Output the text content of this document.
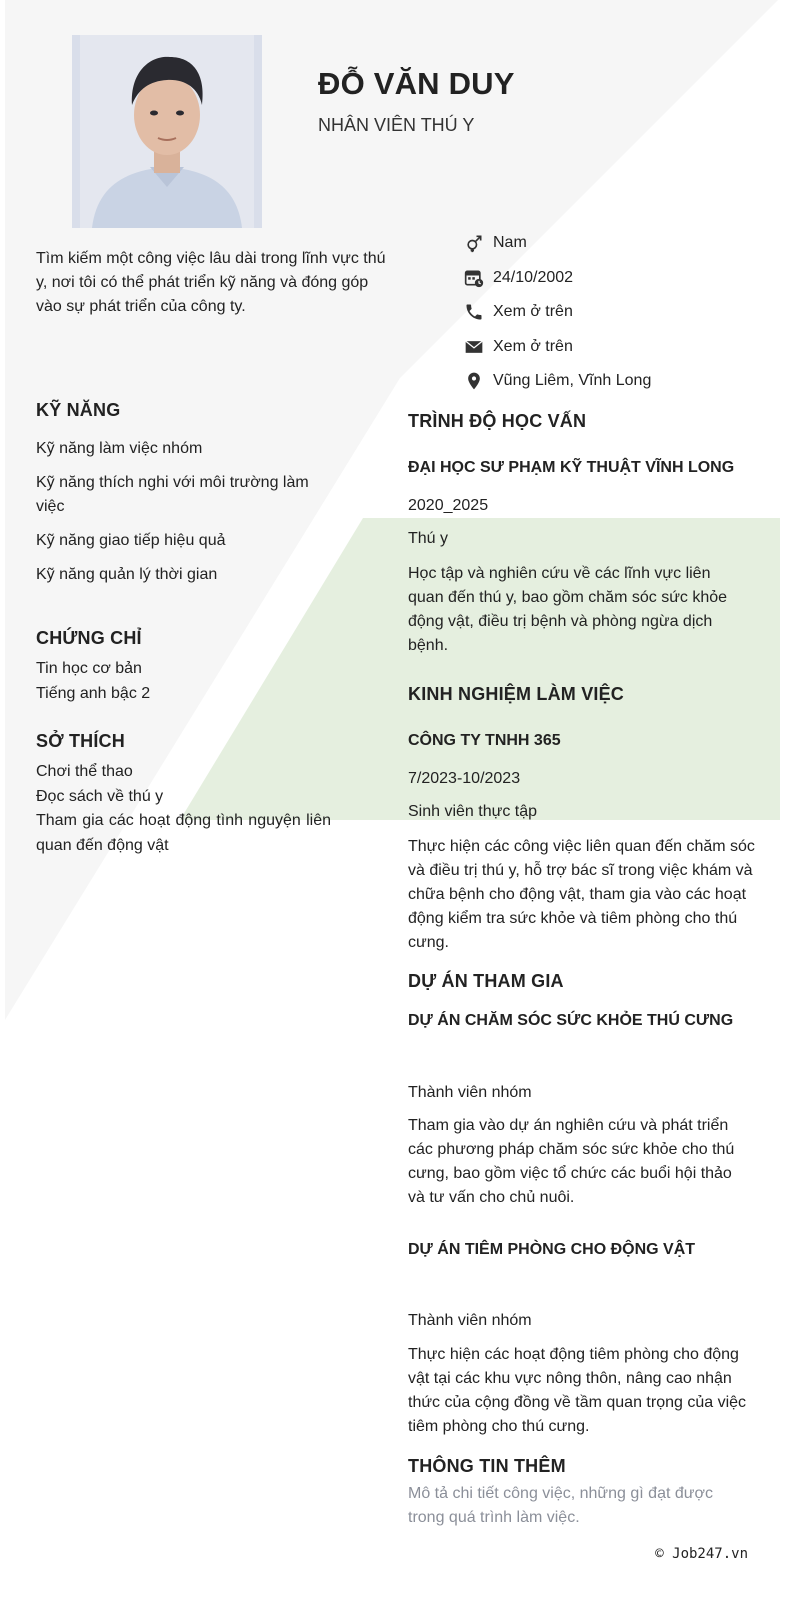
ĐỖ VĂN DUY
NHÂN VIÊN THÚ Y
Tìm kiếm một công việc lâu dài trong lĩnh vực thú y, nơi tôi có thể phát triển kỹ năng và đóng góp vào sự phát triển của công ty.
Nam
24/10/2002
Xem ở trên
Xem ở trên
Vũng Liêm, Vĩnh Long
KỸ NĂNG
Kỹ năng làm việc nhóm
Kỹ năng thích nghi với môi trường làm việc
Kỹ năng giao tiếp hiệu quả
Kỹ năng quản lý thời gian
CHỨNG CHỈ
Tin học cơ bản
Tiếng anh bậc 2
SỞ THÍCH
Chơi thể thao
Đọc sách về thú y
Tham gia các hoạt động tình nguyện liên quan đến động vật
TRÌNH ĐỘ HỌC VẤN
ĐẠI HỌC SƯ PHẠM KỸ THUẬT VĨNH LONG
2020_2025
Thú y
Học tập và nghiên cứu về các lĩnh vực liên quan đến thú y, bao gồm chăm sóc sức khỏe động vật, điều trị bệnh và phòng ngừa dịch bệnh.
KINH NGHIỆM LÀM VIỆC
CÔNG TY TNHH 365
7/2023-10/2023
Sinh viên thực tập
Thực hiện các công việc liên quan đến chăm sóc và điều trị thú y, hỗ trợ bác sĩ trong việc khám và chữa bệnh cho động vật, tham gia vào các hoạt động kiểm tra sức khỏe và tiêm phòng cho thú cưng.
DỰ ÁN THAM GIA
DỰ ÁN CHĂM SÓC SỨC KHỎE THÚ CƯNG
Thành viên nhóm
Tham gia vào dự án nghiên cứu và phát triển các phương pháp chăm sóc sức khỏe cho thú cưng, bao gồm việc tổ chức các buổi hội thảo và tư vấn cho chủ nuôi.
DỰ ÁN TIÊM PHÒNG CHO ĐỘNG VẬT
Thành viên nhóm
Thực hiện các hoạt động tiêm phòng cho động vật tại các khu vực nông thôn, nâng cao nhận thức của cộng đồng về tầm quan trọng của việc tiêm phòng cho thú cưng.
THÔNG TIN THÊM
Mô tả chi tiết công việc, những gì đạt được trong quá trình làm việc.
© Job247.vn
